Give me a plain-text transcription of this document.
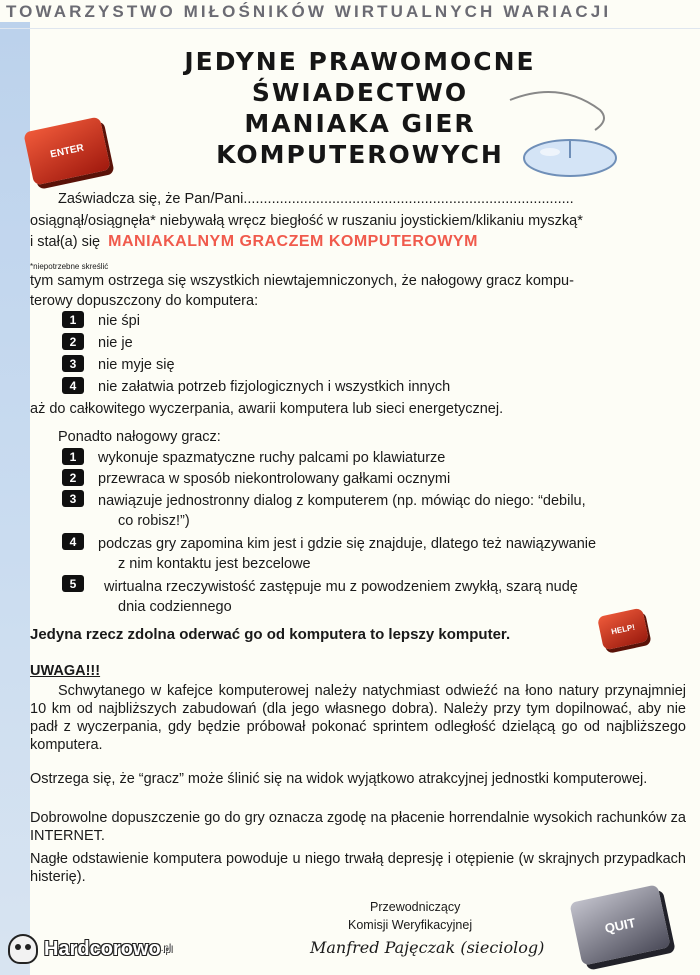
TOWARZYSTWO MIŁOŚNIKÓW WIRTUALNYCH WARIACJI
JEDYNE PRAWOMOCNE
ŚWIADECTWO
MANIAKA GIER
KOMPUTEROWYCH
ENTER
Zaświadcza się, że Pan/Pani..................................................................................
osiągnął/osiągnęła* niebywałą wręcz biegłość w ruszaniu joystickiem/klikaniu myszką*
i stał(a) się MANIAKALNYM GRACZEM KOMPUTEROWYM
*niepotrzebne skreślić
tym samym ostrzega się wszystkich niewtajemniczonych, że nałogowy gracz kompu-
terowy dopuszczony do komputera:
1	nie śpi
2	nie je
3	nie myje się
4	nie załatwia potrzeb fizjologicznych i wszystkich innych
aż do całkowitego wyczerpania, awarii komputera lub sieci energetycznej.
Ponadto nałogowy gracz:
1	wykonuje spazmatyczne ruchy palcami po klawiaturze
2	przewraca w sposób niekontrolowany gałkami ocznymi
3	nawiązuje jednostronny dialog z komputerem (np. mówiąc do niego: “debilu,
co robisz!”)
4	podczas gry zapomina kim jest i gdzie się znajduje, dlatego też nawiązywanie
z nim kontaktu jest bezcelowe
5	wirtualna rzeczywistość zastępuje mu z powodzeniem zwykłą, szarą nudę
dnia codziennego
Jedyna rzecz zdolna oderwać go od komputera to lepszy komputer.	HELP!
UWAGA!!!
Schwytanego w kafejce komputerowej należy natychmiast odwieźć na łono natury przynajmniej 10 km od najbliższych zabudowań (dla jego własnego dobra). Należy przy tym dopilnować, aby nie padł z wyczerpania, gdy będzie próbował pokonać sprintem odległość dzielącą go od najbliższego komputera.
Ostrzega się, że “gracz” może ślinić się na widok wyjątkowo atrakcyjnej jednostki komputerowej.
Dobrowolne dopuszczenie go do gry oznacza zgodę na płacenie horrendalnie wysokich rachunków za INTERNET.
Nagłe odstawienie komputera powoduje u niego trwałą depresję i otępienie (w skrajnych przypadkach histerię).
Przewodniczący
Komisji Weryfikacyjnej
Manfred Pajęczak (sieciolog)
QUIT
Hardcorowo .pl
